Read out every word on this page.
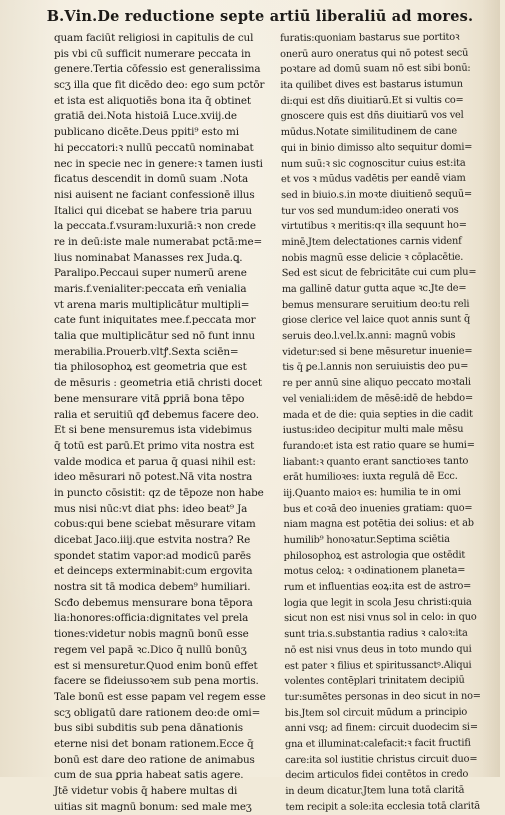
B.Vin.De reductione septe artiū liberaliū ad mores.
quam faciūt religiosi in capitulis de cul
pis vbi cū sufficit numerare peccata in
genere.Tertia cōfessio est generalissima
scʒ illa que fit dicēdo deo: ego sum pctōr
et ista est aliquotiēs bona ita q̄ obtinet
gratiā dei.Nota histoiā Luce.xviij.de
publicano dicēte.Deus ppiti⁹ esto mi
hi peccatori:ꝛ nullū peccatū nominabat
nec in specie nec in genere:ꝛ tamen iusti
ficatus descendit in domū suam .Nota
nisi auisent ne faciant confessionē illus
Italici qui dicebat se habere tria paruu
la peccata.f.vsuram:luxuriā:ꝛ non crede
re in deū:iste male numerabat pctā:me=
lius nominabat Manasses rex Juda.ꝗ.
Paralipo.Peccaui super numerū arene
maris.f.venialiter:peccata em̄ venialia
vt arena maris multiplicātur multipli=
cate funt iniquitates mee.f.peccata mor
talia que multiplicātur sed nō funt innu
merabilia.Prouerb.vltꝭ.Sexta sciēn=
tia philosophoꝝ est geometria que est
de mēsuris : geometria etiā christi docet
bene mensurare vitā ꝑpriā bona tēpo
ralia et seruitiū qđ debemus facere deo.
Et si bene mensuremus ista videbimus
q̄ totū est parū.Et primo vita nostra est
valde modica et parua q̄ quasi nihil est:
ideo mēsurari nō potest.Nā vita nostra
in puncto cōsistit: qz de tēpoze non habe
mus nisi nūc:vt diat phs: ideo beat⁹ Ja
cobus:qui bene sciebat mēsurare vitam
dicebat Jaco.iiij.que estvita nostra? Re
spondet statim vapor:ad modicū parēs
et deinceps exterminabit:cum ergovita
nostra sit tā modica debem⁹ humiliari.
Scđo debemus mensurare bona tēpora
lia:honores:officia:dignitates vel prela
tiones:videtur nobis magnū bonū esse
regem vel papā ꝛc.Dico q̄ nullū bonūʒ
est si mensuretur.Quod enim bonū effet
facere se fideiussoꝛem sub pena mortis.
Tale bonū est esse papam vel regem esse
scʒ obligatū dare rationem deo:de omi=
bus sibi subditis sub pena dānationis
eterne nisi det bonam rationem.Ecce q̄
bonū est dare deo ratione de animabus
cum de sua ꝑpria habeat satis agere.
Jtē videtur vobis q̄ habere multas di
uitias sit magnū bonum: sed male meʒ
furatis:quoniam bastarus sue portitoꝛ
onerū auro oneratus qui nō potest secū
poꝛtare ad domū suam nō est sibi bonū:
ita quilibet dives est bastarus istumun
di:qui est dñs diuitiarū.Et si vultis co=
gnoscere quis est dñs diuitiarū vos vel
mūdus.Notate similitudinem de cane
qui in binio dimisso alto sequitur domi=
num suū:ꝛ sic cognoscitur cuius est:ita
et vos ꝛ mūdus vadētis per eandē viam
sed in biuio.s.in moꝛte diuitienō sequū=
tur vos sed mundum:ideo onerati vos
virtutibus ꝛ meritis:qꝛ illa sequunt ho=
minē.Jtem delectationes carnis videnf
nobis magnū esse delicie ꝛ cōplacētie.
Sed est sicut de febricitāte cui cum plu=
ma gallinē datur gutta aque ꝛc.Jte de=
bemus mensurare seruitium deo:tu reli
giose clerice vel laice quot annis sunt q̄
seruis deo.l.vel.lx.anni: magnū vobis
videtur:sed si bene mēsuretur inuenie=
tis q̄ ꝑe.l.annis non seruiuistis deo pu=
re per annū sine aliquo peccato moꝛtali
vel veniali:idem de mēsē:idē de hebdo=
mada et de die: quia septies in die cadit
iustus:ideo decipitur multi male mēsu
furando:et ista est ratio quare se humi=
liabant:ꝛ quanto erant sanctioꝛes tanto
erāt humilioꝛes: iuxta regulā dē Ecc.
iij.Quanto maioꝛ es: humilia te in omi
bus et coꝛā deo inuenies gratiam: quo=
niam magna est potētia dei solius: et ab
humilib⁹ honoꝛatur.Septima sciētia
philosophoꝝ est astrologia que ostēdit
motus celoꝝ: ꝛ oꝛdinationem planeta=
rum et influentias eoꝝ:ita est de astro=
logia que legit in scola Jesu christi:quia
sicut non est nisi vnus sol in celo: in quo
sunt tria.s.substantia radius ꝛ caloꝛ:ita
nō est nisi vnus deus in toto mundo qui
est pater ꝛ filius et spiritussanctꝰ.Aliqui
volentes contēplari trinitatem decipiū
tur:sumētes personas in deo sicut in no=
bis.Jtem sol circuit mūdum a principio
anni vsq; ad finem: circuit duodecim si=
gna et illuminat:calefacit:ꝛ facit fructifi
care:ita sol iustitie christus circuit duo=
decim articulos fidei contētos in credo
in deum dicatur.Jtem luna totā claritā
tem recipit a sole:ita ecclesia totā claritā
